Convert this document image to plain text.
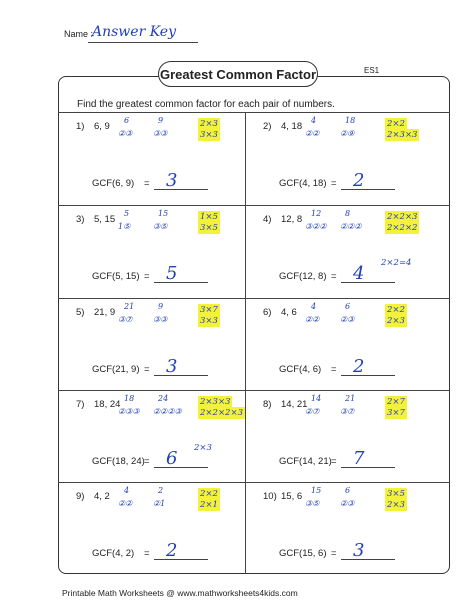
Name :
Answer Key
Greatest Common Factor	ES1
Find the greatest common factor for each pair of numbers.
1) 6, 9
6
②③
9
③③
2×3
3×3
GCF(6, 9) = 3
2) 4, 18
4
②②
18
②⑨
2×2
2×3×3
GCF(4, 18) = 2
3) 5, 15
5
1⑤
15
③⑤
1×5
3×5
GCF(5, 15) = 5
4) 12, 8
12
③②②
8
②②②
2×2×3
2×2×2
2×2=4
GCF(12, 8) = 4
5) 21, 9
21
③⑦
9
③③
3×7
3×3
GCF(21, 9) = 3
6) 4, 6
4
②②
6
②③
2×2
2×3
GCF(4, 6) = 2
7) 18, 24
18
②③③
24
②②②③
2×3×3
2×2×2×3
2×3
GCF(18, 24) = 6
8) 14, 21
14
②⑦
21
③⑦
2×7
3×7
GCF(14, 21) = 7
9) 4, 2
4
②②
2
②1
2×2
2×1
GCF(4, 2) = 2
10) 15, 6
15
③⑤
6
②③
3×5
2×3
GCF(15, 6) = 3
Printable Math Worksheets @ www.mathworksheets4kids.com
